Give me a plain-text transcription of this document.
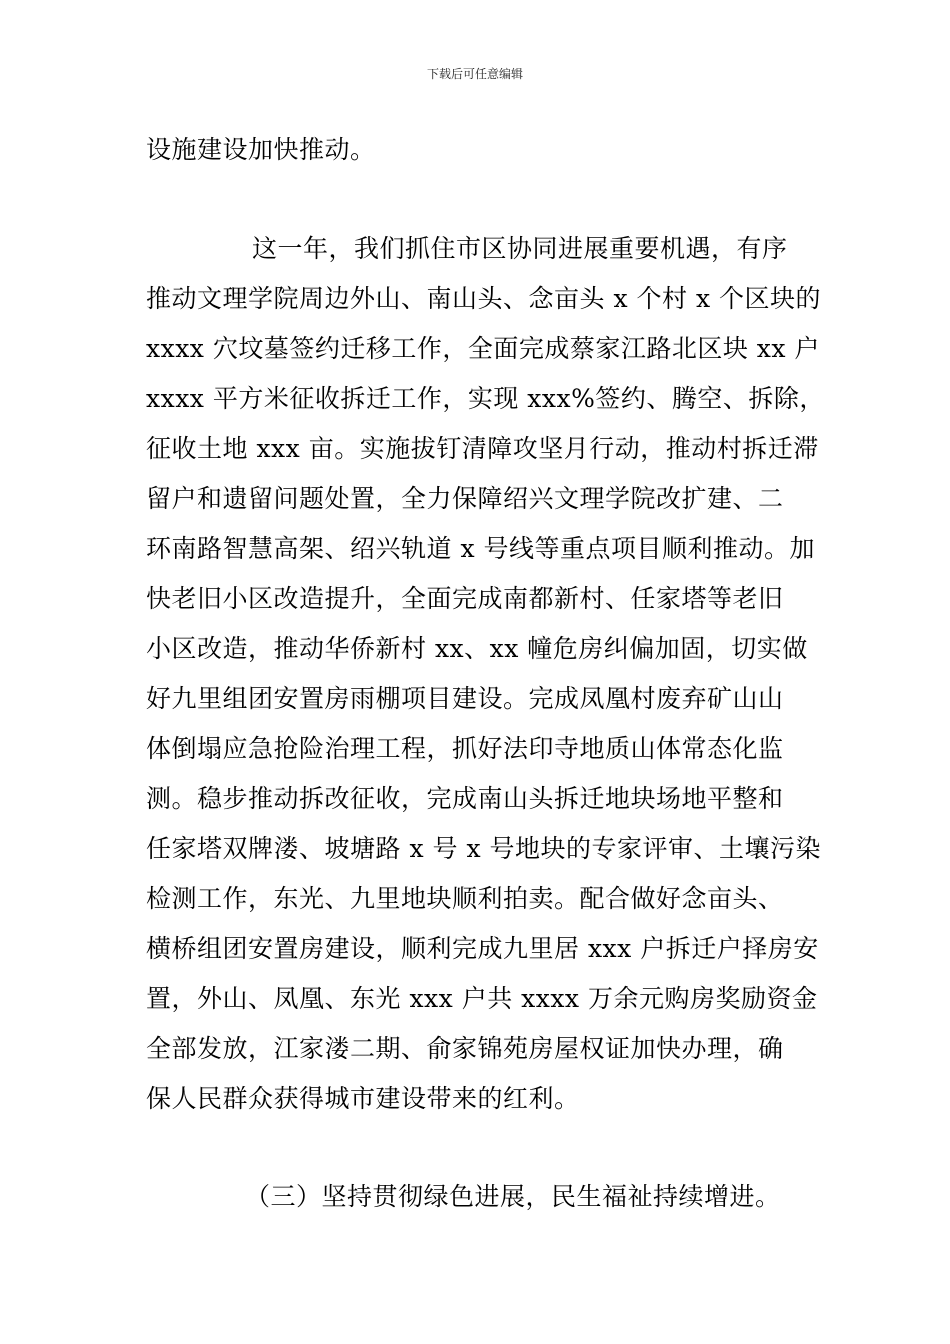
下载后可任意编辑
设施建设加快推动。
这一年，我们抓住市区协同进展重要机遇，有序
推动文理学院周边外山、南山头、念亩头 x 个村 x 个区块的
xxxx 穴坟墓签约迁移工作，全面完成蔡家江路北区块 xx 户
xxxx 平方米征收拆迁工作，实现 xxx%签约、腾空、拆除，
征收土地 xxx 亩。实施拔钉清障攻坚月行动，推动村拆迁滞
留户和遗留问题处置，全力保障绍兴文理学院改扩建、二
环南路智慧高架、绍兴轨道 x 号线等重点项目顺利推动。加
快老旧小区改造提升，全面完成南都新村、任家塔等老旧
小区改造，推动华侨新村 xx、xx 幢危房纠偏加固，切实做
好九里组团安置房雨棚项目建设。完成凤凰村废弃矿山山
体倒塌应急抢险治理工程，抓好法印寺地质山体常态化监
测。稳步推动拆改征收，完成南山头拆迁地块场地平整和
任家塔双牌溇、坡塘路 x 号 x 号地块的专家评审、土壤污染
检测工作，东光、九里地块顺利拍卖。配合做好念亩头、
横桥组团安置房建设，顺利完成九里居 xxx 户拆迁户择房安
置，外山、凤凰、东光 xxx 户共 xxxx 万余元购房奖励资金
全部发放，江家溇二期、俞家锦苑房屋权证加快办理，确
保人民群众获得城市建设带来的红利。
（三）坚持贯彻绿色进展，民生福祉持续增进。
